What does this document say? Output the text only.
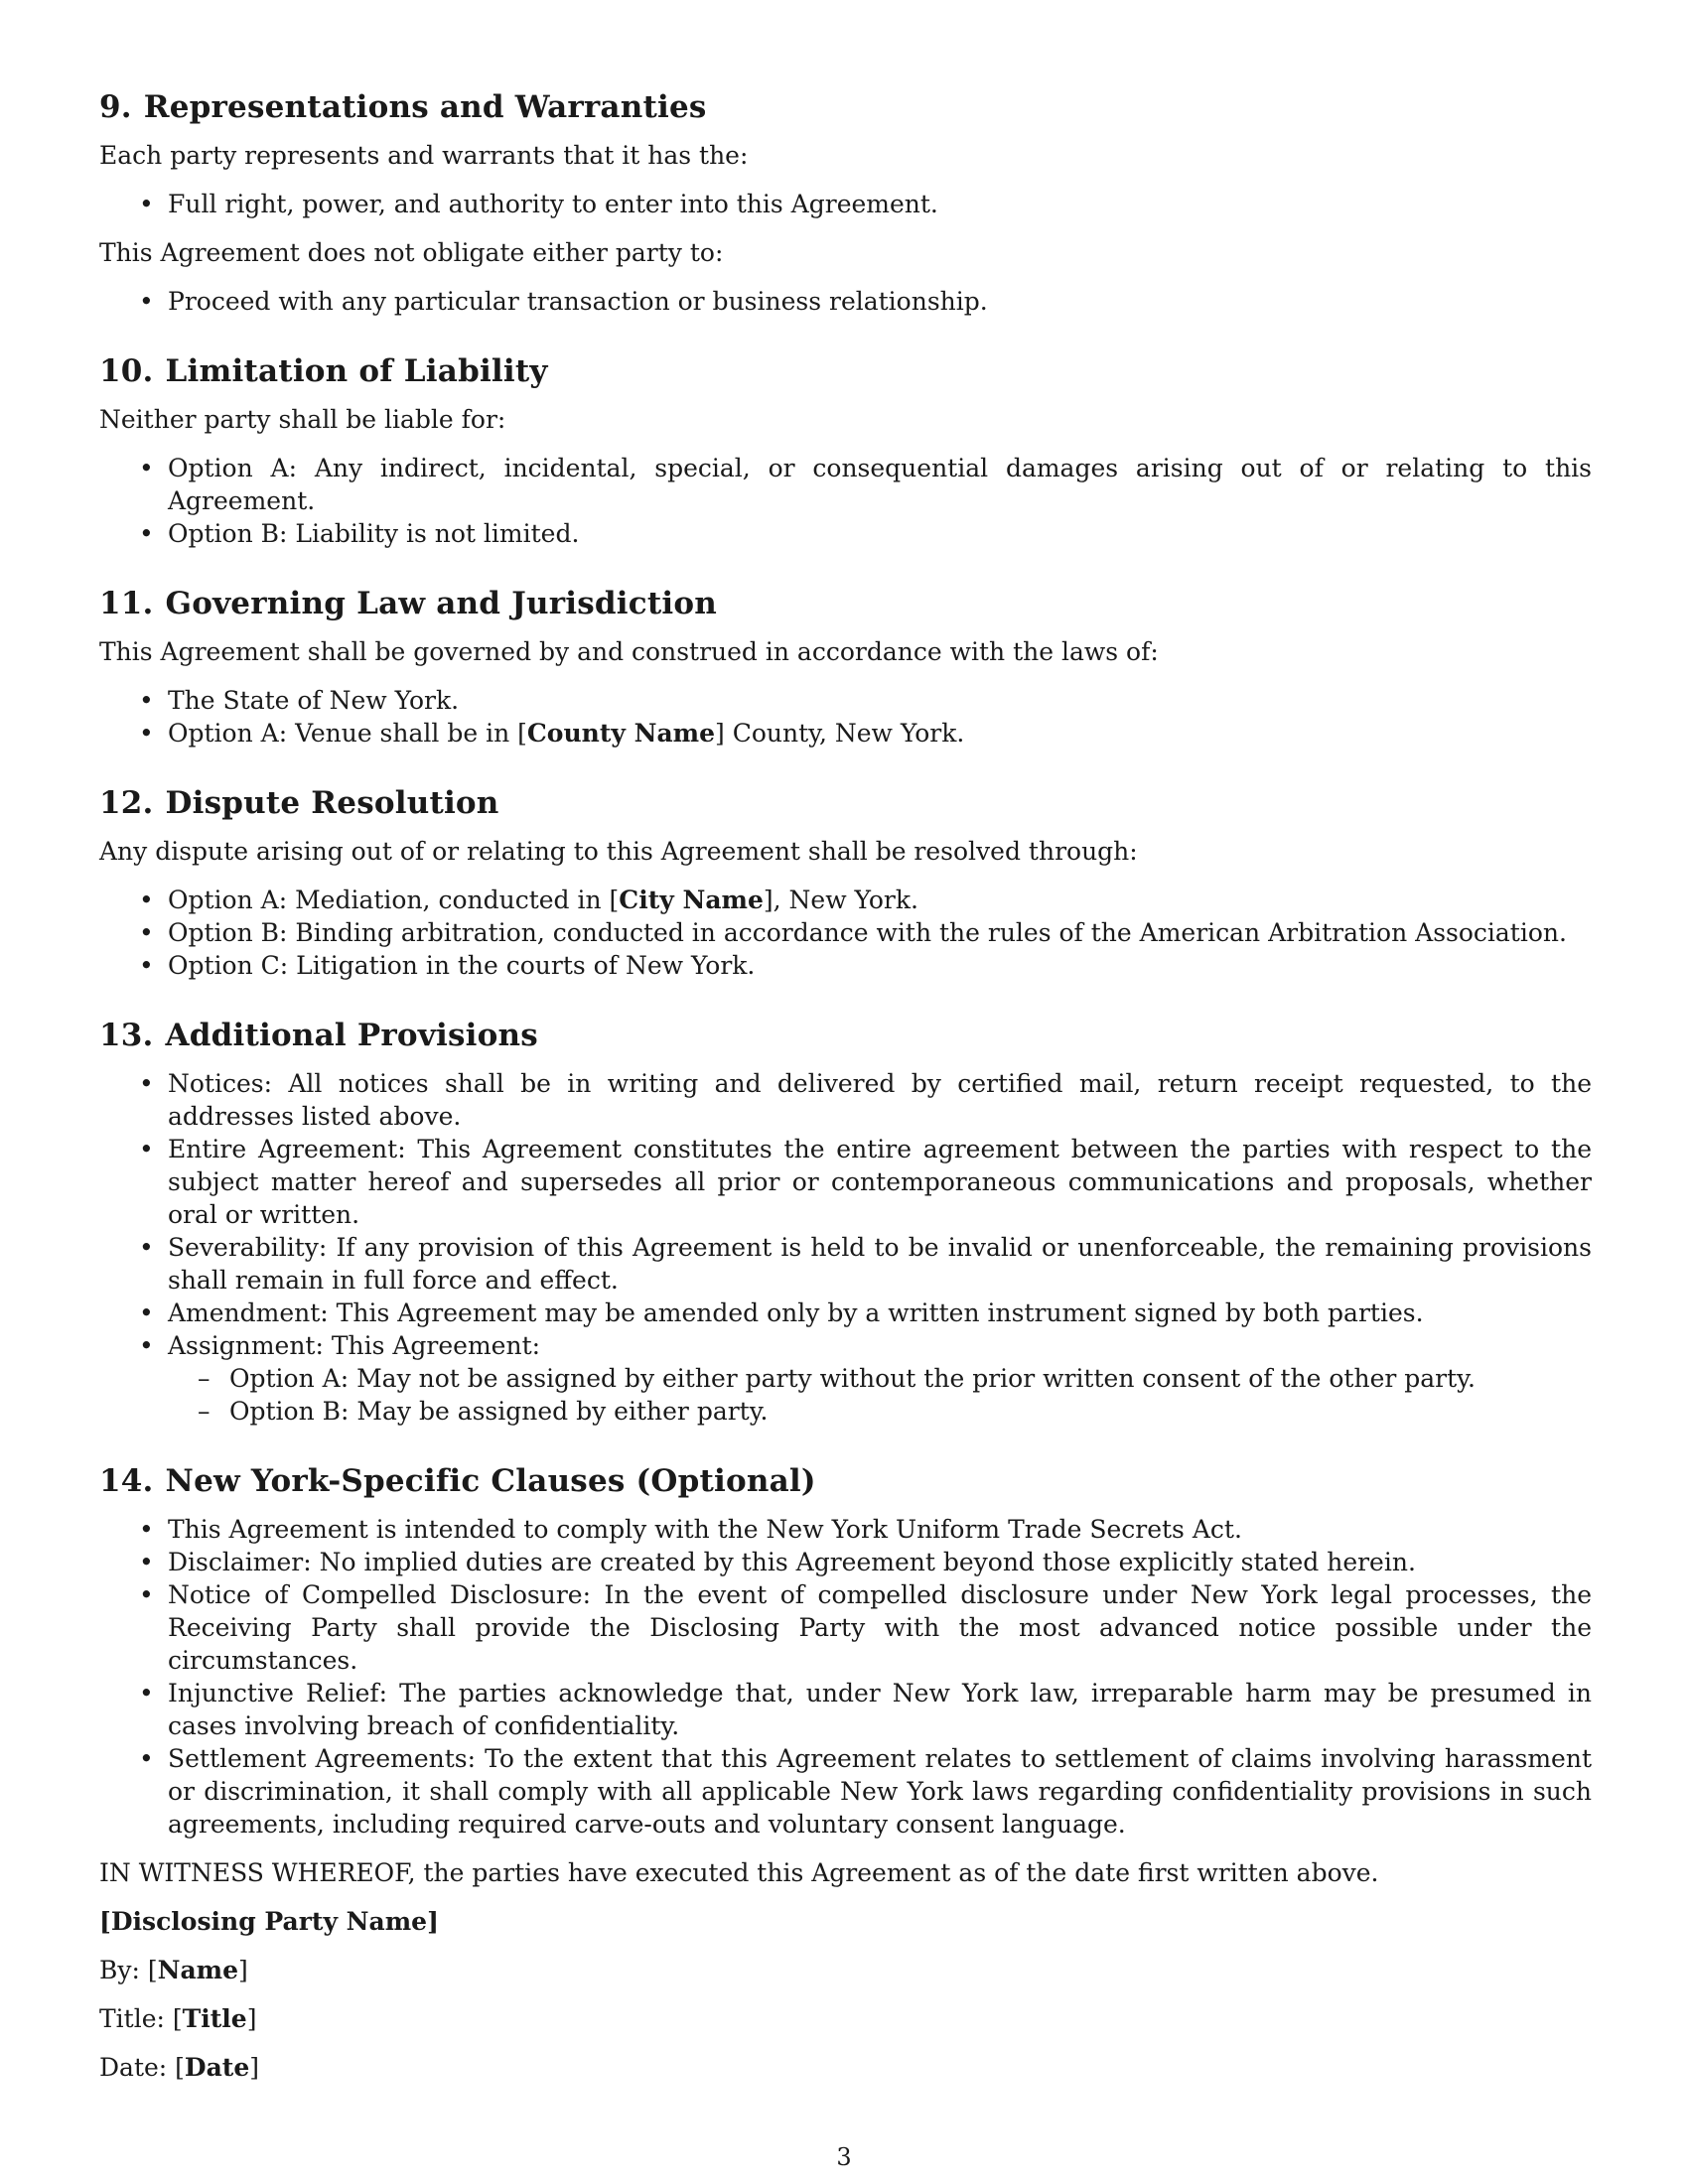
9. Representations and Warranties

Each party represents and warrants that it has the:

• Full right, power, and authority to enter into this Agreement.

This Agreement does not obligate either party to:

• Proceed with any particular transaction or business relationship.
10. Limitation of Liability

Neither party shall be liable for:

• Option A: Any indirect, incidental, special, or consequential damages arising out of or relating to this Agreement.
• Option B: Liability is not limited.
11. Governing Law and Jurisdiction

This Agreement shall be governed by and construed in accordance with the laws of:

• The State of New York.
• Option A: Venue shall be in [County Name] County, New York.
12. Dispute Resolution

Any dispute arising out of or relating to this Agreement shall be resolved through:

• Option A: Mediation, conducted in [City Name], New York.
• Option B: Binding arbitration, conducted in accordance with the rules of the American Arbitration Association.
• Option C: Litigation in the courts of New York.
13. Additional Provisions
• Notices: All notices shall be in writing and delivered by certified mail, return receipt requested, to the addresses listed above.
• Entire Agreement: This Agreement constitutes the entire agreement between the parties with respect to the subject matter hereof and supersedes all prior or contemporaneous communications and proposals, whether oral or written.
• Severability: If any provision of this Agreement is held to be invalid or unenforceable, the remaining provisions shall remain in full force and effect.
• Amendment: This Agreement may be amended only by a written instrument signed by both parties.
• Assignment: This Agreement:
– Option A: May not be assigned by either party without the prior written consent of the other party.
– Option B: May be assigned by either party.
14. New York-Specific Clauses (Optional)
• This Agreement is intended to comply with the New York Uniform Trade Secrets Act.
• Disclaimer: No implied duties are created by this Agreement beyond those explicitly stated herein.
• Notice of Compelled Disclosure: In the event of compelled disclosure under New York legal processes, the Receiving Party shall provide the Disclosing Party with the most advanced notice possible under the circumstances.
• Injunctive Relief: The parties acknowledge that, under New York law, irreparable harm may be presumed in cases involving breach of confidentiality.
• Settlement Agreements: To the extent that this Agreement relates to settlement of claims involving harassment or discrimination, it shall comply with all applicable New York laws regarding confidentiality provisions in such agreements, including required carve-outs and voluntary consent language.

IN WITNESS WHEREOF, the parties have executed this Agreement as of the date first written above.

[Disclosing Party Name]

By: [Name]

Title: [Title]

Date: [Date]

3
